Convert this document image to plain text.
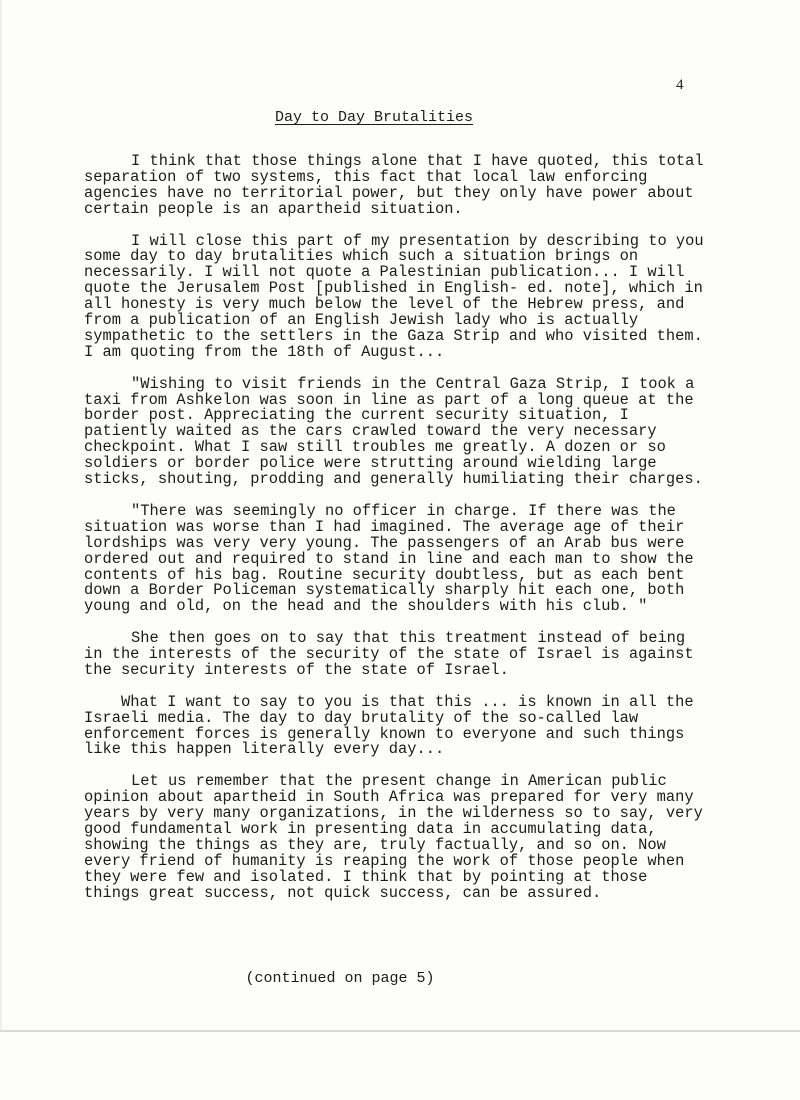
4
Day to Day Brutalities

I think that those things alone that I have quoted, this total separation of two systems, this fact that local law enforcing agencies have no territorial power, but they only have power about certain people is an apartheid situation.

I will close this part of my presentation by describing to you some day to day brutalities which such a situation brings on necessarily. I will not quote a Palestinian publication... I will quote the Jerusalem Post [published in English- ed. note], which in all honesty is very much below the level of the Hebrew press, and from a publication of an English Jewish lady who is actually sympathetic to the settlers in the Gaza Strip and who visited them. I am quoting from the 18th of August...

"Wishing to visit friends in the Central Gaza Strip, I took a taxi from Ashkelon was soon in line as part of a long queue at the border post. Appreciating the current security situation, I patiently waited as the cars crawled toward the very necessary checkpoint. What I saw still troubles me greatly. A dozen or so soldiers or border police were strutting around wielding large sticks, shouting, prodding and generally humiliating their charges.

"There was seemingly no officer in charge. If there was the situation was worse than I had imagined. The average age of their lordships was very very young. The passengers of an Arab bus were ordered out and required to stand in line and each man to show the contents of his bag. Routine security doubtless, but as each bent down a Border Policeman systematically sharply hit each one, both young and old, on the head and the shoulders with his club. "

She then goes on to say that this treatment instead of being in the interests of the security of the state of Israel is against the security interests of the state of Israel.

What I want to say to you is that this ... is known in all the Israeli media. The day to day brutality of the so-called law enforcement forces is generally known to everyone and such things like this happen literally every day...

Let us remember that the present change in American public opinion about apartheid in South Africa was prepared for very many years by very many organizations, in the wilderness so to say, very good fundamental work in presenting data in accumulating data, showing the things as they are, truly factually, and so on. Now every friend of humanity is reaping the work of those people when they were few and isolated. I think that by pointing at those things great success, not quick success, can be assured.

(continued on page 5)
